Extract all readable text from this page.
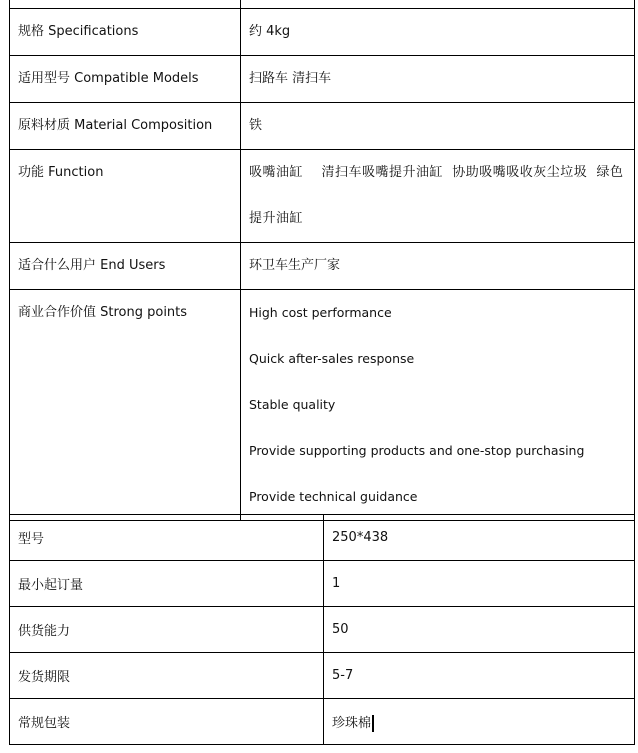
规格 Specifications	约 4kg
适用型号 Compatible Models	扫路车 清扫车
原料材质 Material Composition	铁
功能 Function	吸嘴油缸    清扫车吸嘴提升油缸  协助吸嘴吸收灰尘垃圾  绿色提升油缸
适合什么用户 End Users	环卫车生产厂家
商业合作价值 Strong points	High cost performance
Quick after-sales response
Stable quality
Provide supporting products and one-stop purchasing
Provide technical guidance
型号	250*438
最小起订量	1
供货能力	50
发货期限	5-7
常规包装	珍珠棉
